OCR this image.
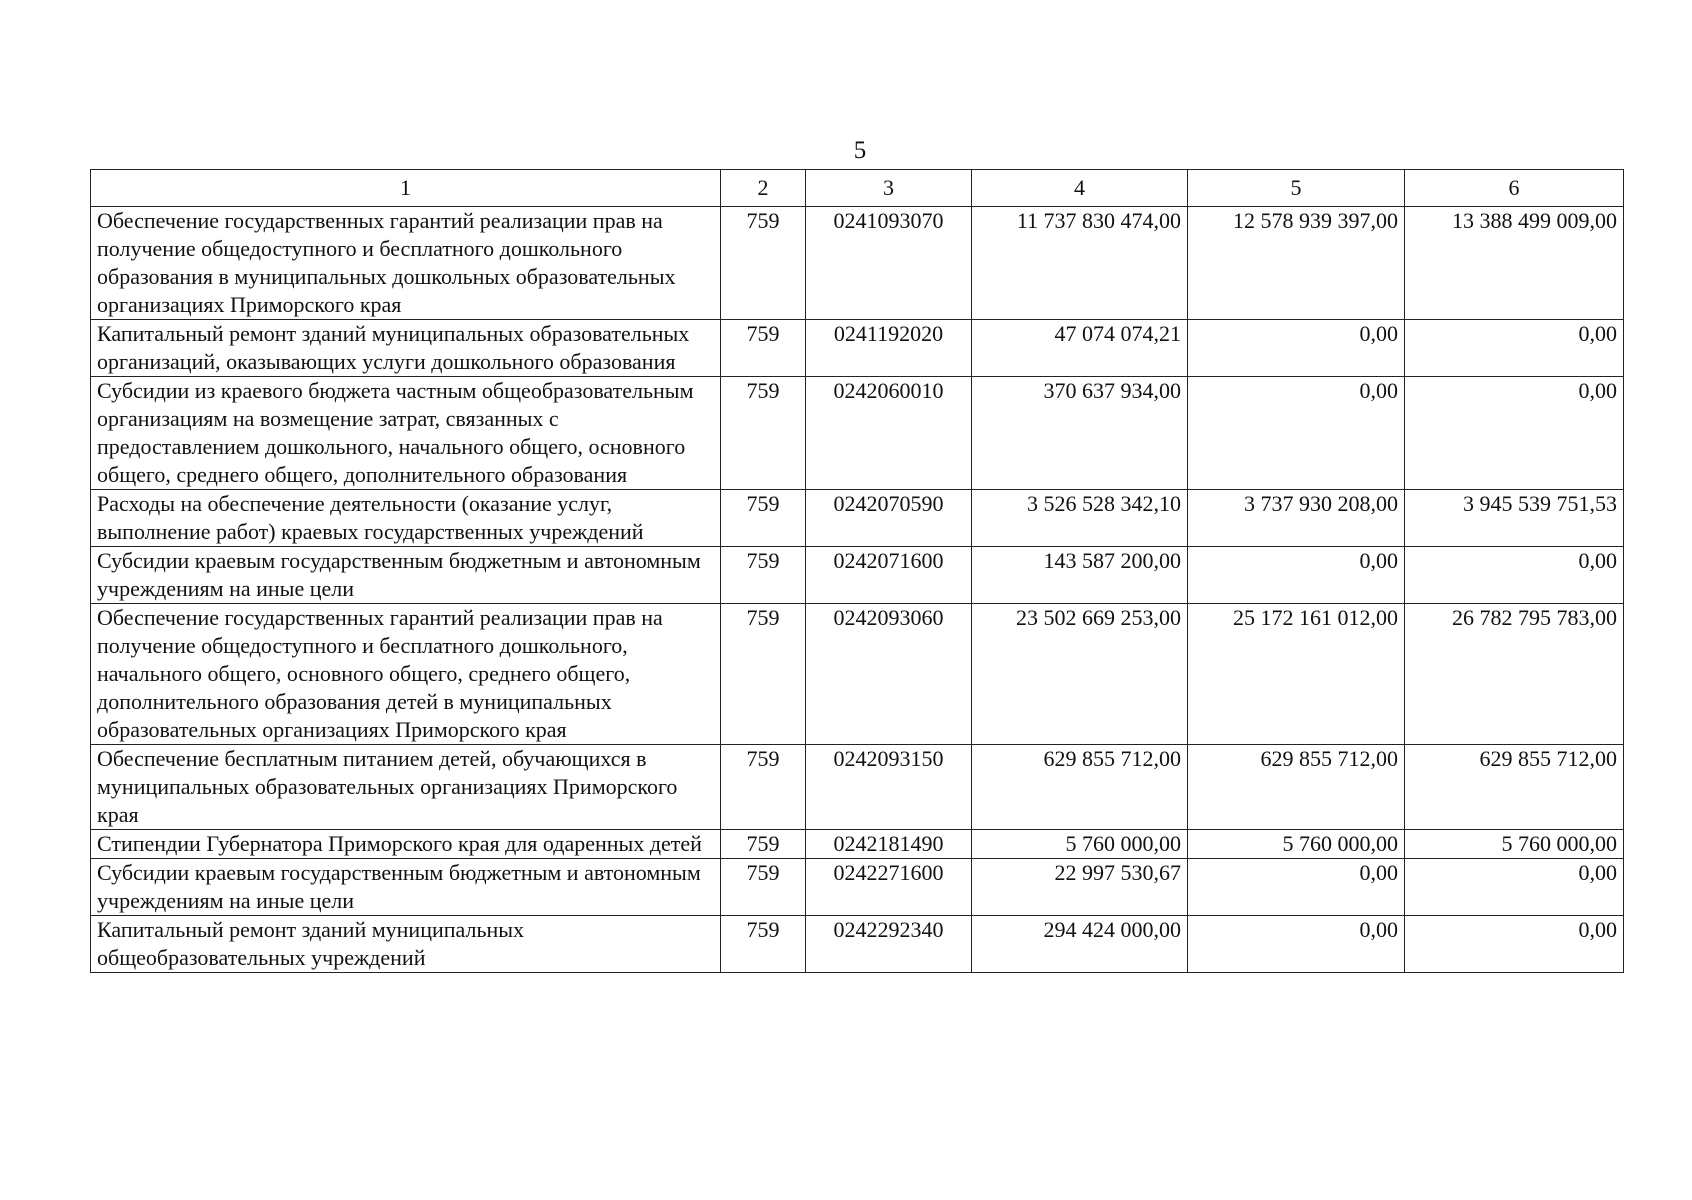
5
1	2	3	4	5	6
Обеспечение государственных гарантий реализации прав на получение общедоступного и бесплатного дошкольного образования в муниципальных дошкольных образовательных организациях Приморского края	759	0241093070	11 737 830 474,00	12 578 939 397,00	13 388 499 009,00
Капитальный ремонт зданий муниципальных образовательных организаций, оказывающих услуги дошкольного образования	759	0241192020	47 074 074,21	0,00	0,00
Субсидии из краевого бюджета частным общеобразовательным организациям на возмещение затрат, связанных с предоставлением дошкольного, начального общего, основного общего, среднего общего, дополнительного образования	759	0242060010	370 637 934,00	0,00	0,00
Расходы на обеспечение деятельности (оказание услуг, выполнение работ) краевых государственных учреждений	759	0242070590	3 526 528 342,10	3 737 930 208,00	3 945 539 751,53
Субсидии краевым государственным бюджетным и автономным учреждениям на иные цели	759	0242071600	143 587 200,00	0,00	0,00
Обеспечение государственных гарантий реализации прав на получение общедоступного и бесплатного дошкольного, начального общего, основного общего, среднего общего, дополнительного образования детей в муниципальных образовательных организациях Приморского края	759	0242093060	23 502 669 253,00	25 172 161 012,00	26 782 795 783,00
Обеспечение бесплатным питанием детей, обучающихся в муниципальных образовательных организациях Приморского края	759	0242093150	629 855 712,00	629 855 712,00	629 855 712,00
Стипендии Губернатора Приморского края для одаренных детей	759	0242181490	5 760 000,00	5 760 000,00	5 760 000,00
Субсидии краевым государственным бюджетным и автономным учреждениям на иные цели	759	0242271600	22 997 530,67	0,00	0,00
Капитальный ремонт зданий муниципальных общеобразовательных учреждений	759	0242292340	294 424 000,00	0,00	0,00
